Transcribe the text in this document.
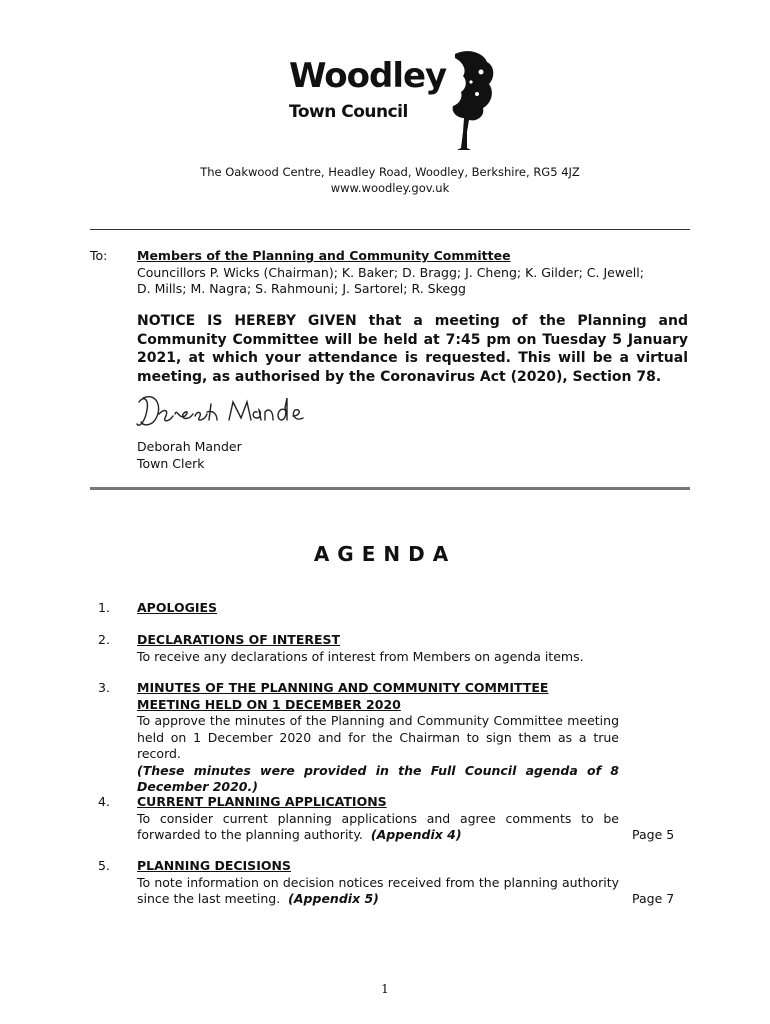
Woodley
Town Council
The Oakwood Centre, Headley Road, Woodley, Berkshire, RG5 4JZ
www.woodley.gov.uk
To: Members of the Planning and Community Committee
Councillors P. Wicks (Chairman); K. Baker; D. Bragg; J. Cheng; K. Gilder; C. Jewell;
D. Mills; M. Nagra; S. Rahmouni; J. Sartorel; R. Skegg
NOTICE IS HEREBY GIVEN that a meeting of the Planning and Community Committee will be held at 7:45 pm on Tuesday 5 January 2021, at which your attendance is requested. This will be a virtual meeting, as authorised by the Coronavirus Act (2020), Section 78.
Deborah Mander
Town Clerk
AGENDA
1. APOLOGIES
2. DECLARATIONS OF INTEREST
To receive any declarations of interest from Members on agenda items.
3. MINUTES OF THE PLANNING AND COMMUNITY COMMITTEE
MEETING HELD ON 1 DECEMBER 2020
To approve the minutes of the Planning and Community Committee meeting held on 1 December 2020 and for the Chairman to sign them as a true record.
(These minutes were provided in the Full Council agenda of 8 December 2020.)
4. CURRENT PLANNING APPLICATIONS
To consider current planning applications and agree comments to be forwarded to the planning authority. (Appendix 4)	Page 5
5. PLANNING DECISIONS
To note information on decision notices received from the planning authority since the last meeting. (Appendix 5)	Page 7
1
